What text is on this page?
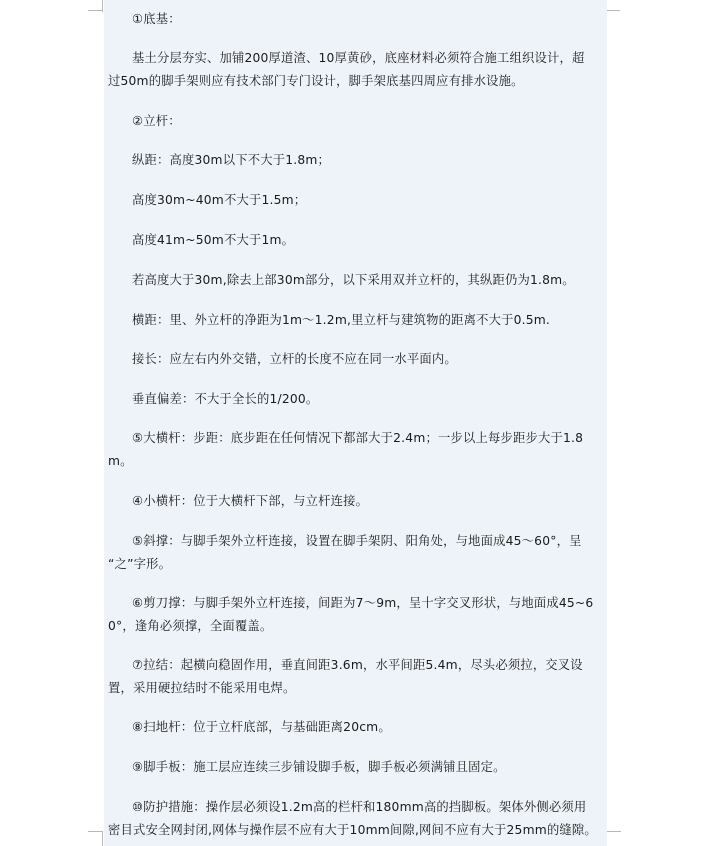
①底基：
基土分层夯实、加铺200厚道渣、10厚黄砂，底座材料必须符合施工组织设计，超
过50m的脚手架则应有技术部门专门设计，脚手架底基四周应有排水设施。
②立杆：
纵距：高度30m以下不大于1.8m；
高度30m~40m不大于1.5m；
高度41m~50m不大于1m。
若高度大于30m,除去上部30m部分，以下采用双并立杆的，其纵距仍为1.8m。
横距：里、外立杆的净距为1m～1.2m,里立杆与建筑物的距离不大于0.5m.
接长：应左右内外交错，立杆的长度不应在同一水平面内。
垂直偏差：不大于全长的1/200。
⑤大横杆：步距：底步距在任何情况下都部大于2.4m；一步以上每步距步大于1.8
m。
④小横杆：位于大横杆下部，与立杆连接。
⑤斜撑：与脚手架外立杆连接，设置在脚手架阴、阳角处，与地面成45～60°，呈
“之”字形。
⑥剪刀撑：与脚手架外立杆连接，间距为7～9m，呈十字交叉形状，与地面成45~6
0°，逢角必须撑，全面覆盖。
⑦拉结：起横向稳固作用，垂直间距3.6m，水平间距5.4m，尽头必须拉，交叉设
置，采用硬拉结时不能采用电焊。
⑧扫地杆：位于立杆底部，与基础距离20cm。
⑨脚手板：施工层应连续三步铺设脚手板，脚手板必须满铺且固定。
⑩防护措施：操作层必须设1.2m高的栏杆和180mm高的挡脚板。架体外侧必须用
密目式安全网封闭,网体与操作层不应有大于10mm间隙,网间不应有大于25mm的缝隙。
